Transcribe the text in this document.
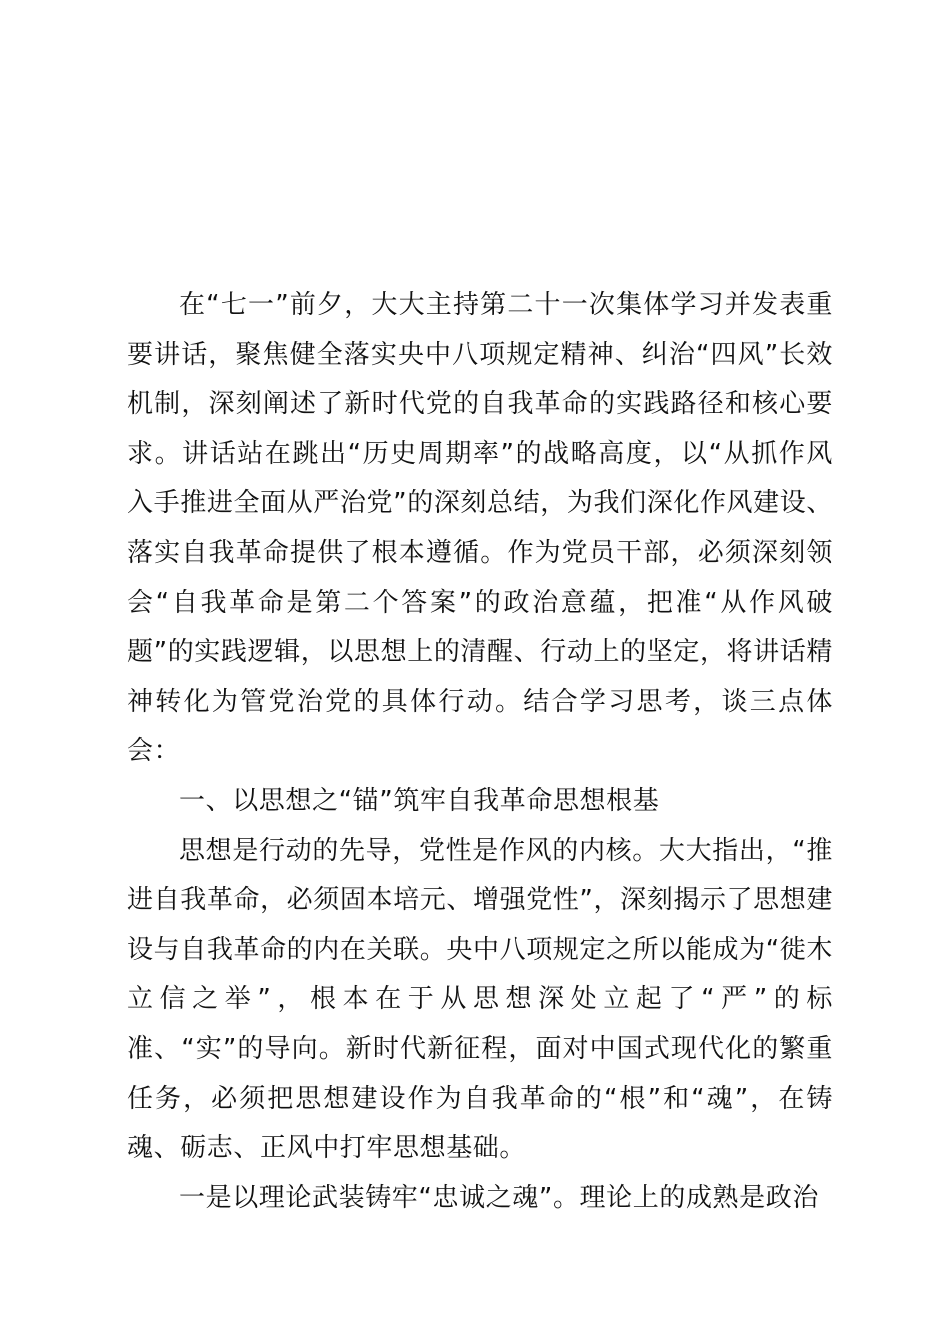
在“七一”前夕，大大主持第二十一次集体学习并发表重要讲话，聚焦健全落实央中八项规定精神、纠治“四风”长效机制，深刻阐述了新时代党的自我革命的实践路径和核心要求。讲话站在跳出“历史周期率”的战略高度，以“从抓作风入手推进全面从严治党”的深刻总结，为我们深化作风建设、落实自我革命提供了根本遵循。作为党员干部，必须深刻领会“自我革命是第二个答案”的政治意蕴，把准“从作风破题”的实践逻辑，以思想上的清醒、行动上的坚定，将讲话精神转化为管党治党的具体行动。结合学习思考，谈三点体会：

一、以思想之“锚”筑牢自我革命思想根基

思想是行动的先导，党性是作风的内核。大大指出，“推进自我革命，必须固本培元、增强党性”，深刻揭示了思想建设与自我革命的内在关联。央中八项规定之所以能成为“徙木立信之举”，根本在于从思想深处立起了“严”的标准、“实”的导向。新时代新征程，面对中国式现代化的繁重任务，必须把思想建设作为自我革命的“根”和“魂”，在铸魂、砺志、正风中打牢思想基础。

一是以理论武装铸牢“忠诚之魂”。理论上的成熟是政治
